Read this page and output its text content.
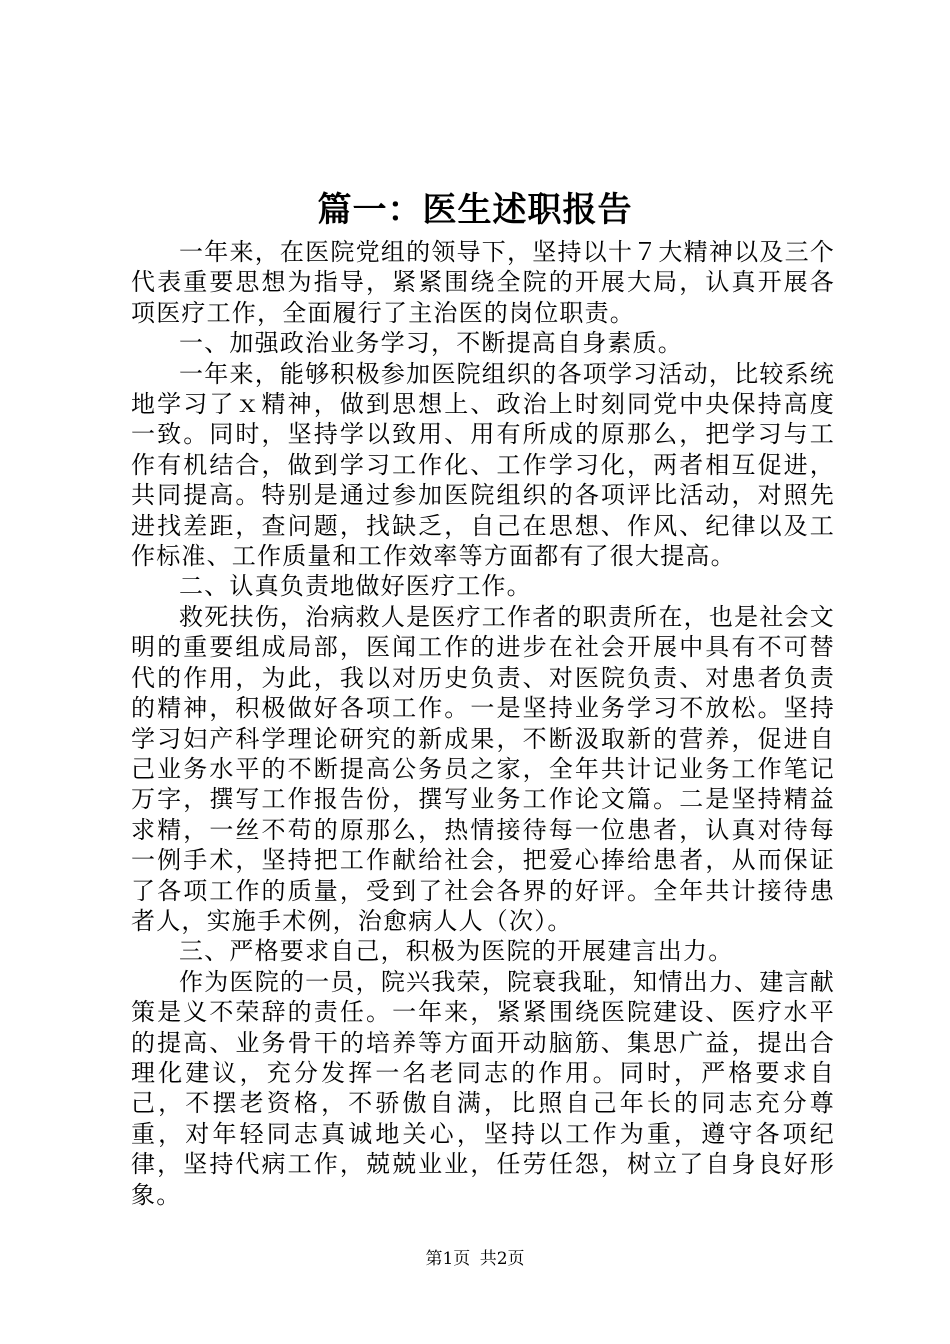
篇一：医生述职报告

一年来，在医院党组的领导下，坚持以十７大精神以及三个代表重要思想为指导，紧紧围绕全院的开展大局，认真开展各项医疗工作，全面履行了主治医的岗位职责。

一、加强政治业务学习，不断提高自身素质。

一年来，能够积极参加医院组织的各项学习活动，比较系统地学习了ｘ精神，做到思想上、政治上时刻同党中央保持高度一致。同时，坚持学以致用、用有所成的原那么，把学习与工作有机结合，做到学习工作化、工作学习化，两者相互促进，共同提高。特别是通过参加医院组织的各项评比活动，对照先进找差距，查问题，找缺乏，自己在思想、作风、纪律以及工作标准、工作质量和工作效率等方面都有了很大提高。

二、认真负责地做好医疗工作。

救死扶伤，治病救人是医疗工作者的职责所在，也是社会文明的重要组成局部，医闻工作的进步在社会开展中具有不可替代的作用，为此，我以对历史负责、对医院负责、对患者负责的精神，积极做好各项工作。一是坚持业务学习不放松。坚持学习妇产科学理论研究的新成果，不断汲取新的营养，促进自己业务水平的不断提高公务员之家，全年共计记业务工作笔记万字，撰写工作报告份，撰写业务工作论文篇。二是坚持精益求精，一丝不苟的原那么，热情接待每一位患者，认真对待每一例手术，坚持把工作献给社会，把爱心捧给患者，从而保证了各项工作的质量，受到了社会各界的好评。全年共计接待患者人，实施手术例，治愈病人人（次）。

三、严格要求自己，积极为医院的开展建言出力。

作为医院的一员，院兴我荣，院衰我耻，知情出力、建言献策是义不荣辞的责任。一年来，紧紧围绕医院建设、医疗水平的提高、业务骨干的培养等方面开动脑筋、集思广益，提出合理化建议，充分发挥一名老同志的作用。同时，严格要求自己，不摆老资格，不骄傲自满，比照自己年长的同志充分尊重，对年轻同志真诚地关心，坚持以工作为重，遵守各项纪律，坚持代病工作，兢兢业业，任劳任怨，树立了自身良好形象。

第1页 共2页
